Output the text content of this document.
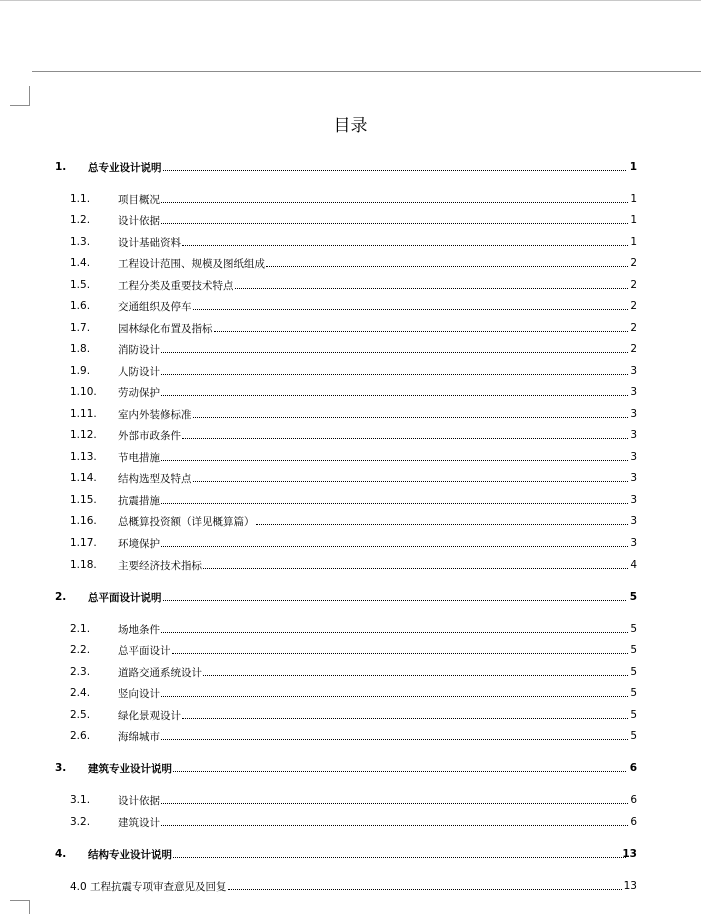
目录
1. 总专业设计说明	1
1.1.	项目概况	1
1.2.	设计依据	1
1.3.	设计基础资料	1
1.4.	工程设计范围、规模及图纸组成	2
1.5.	工程分类及重要技术特点	2
1.6.	交通组织及停车	2
1.7.	园林绿化布置及指标	2
1.8.	消防设计	2
1.9.	人防设计	3
1.10. 劳动保护	3
1.11. 室内外装修标准	3
1.12. 外部市政条件	3
1.13. 节电措施	3
1.14. 结构选型及特点	3
1.15. 抗震措施	3
1.16. 总概算投资额（详见概算篇）	3
1.17. 环境保护	3
1.18. 主要经济技术指标	4
2. 总平面设计说明	5
2.1.	场地条件	5
2.2.	总平面设计	5
2.3.	道路交通系统设计	5
2.4.	竖向设计	5
2.5.	绿化景观设计	5
2.6.	海绵城市	5
3. 建筑专业设计说明	6
3.1.	设计依据	6
3.2.	建筑设计	6
4. 结构专业设计说明	13
4.0 工程抗震专项审查意见及回复	13
